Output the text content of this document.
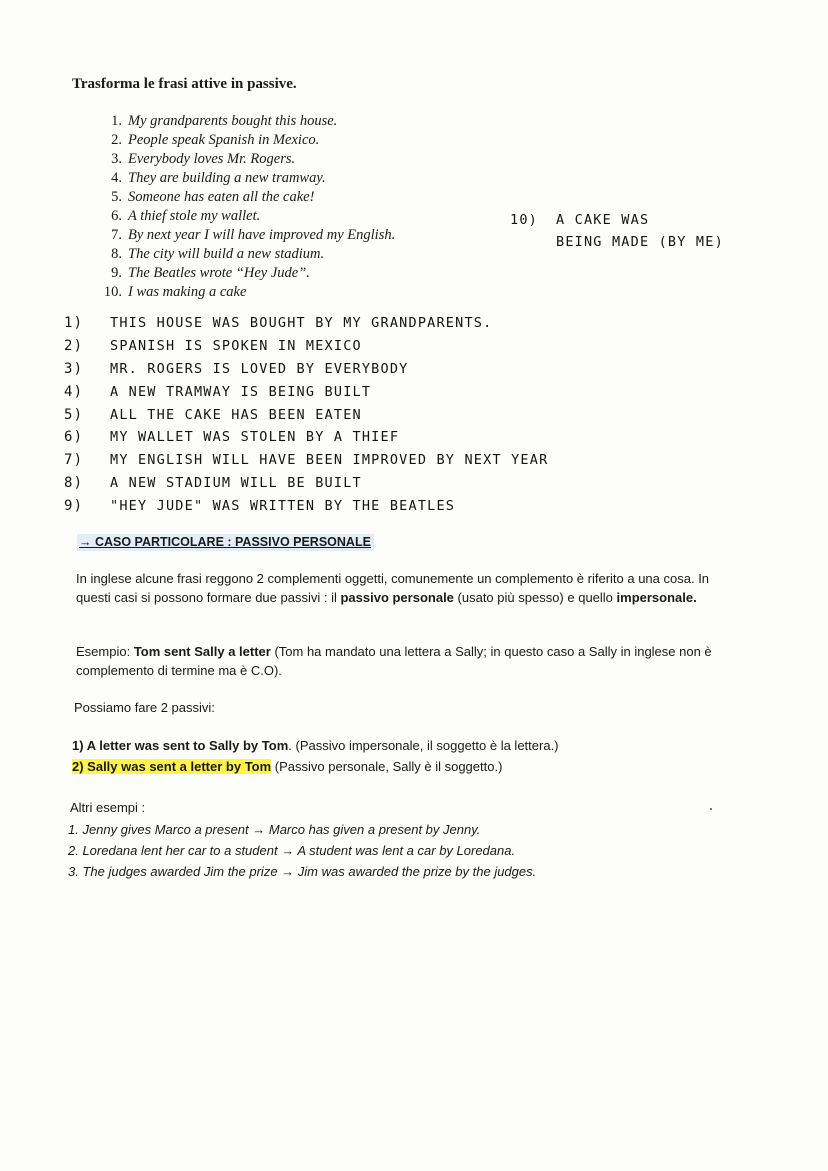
Trasforma le frasi attive in passive.
1. My grandparents bought this house.
2. People speak Spanish in Mexico.
3. Everybody loves Mr. Rogers.
4. They are building a new tramway.
5. Someone has eaten all the cake!
6. A thief stole my wallet.
7. By next year I will have improved my English.
8. The city will build a new stadium.
9. The Beatles wrote “Hey Jude”.
10. I was making a cake
10)	A CAKE WAS
BEING MADE (BY ME)
1)	THIS HOUSE WAS BOUGHT BY MY GRANDPARENTS.
2)	SPANISH IS SPOKEN IN MEXICO
3)	MR. ROGERS IS LOVED BY EVERYBODY
4)	A NEW TRAMWAY IS BEING BUILT
5)	ALL THE CAKE HAS BEEN EATEN
6)	MY WALLET WAS STOLEN BY A THIEF
7)	MY ENGLISH WILL HAVE BEEN IMPROVED BY NEXT YEAR
8)	A NEW STADIUM WILL BE BUILT
9)	"HEY JUDE" WAS WRITTEN BY THE BEATLES
→ CASO PARTICOLARE : PASSIVO PERSONALE
In inglese alcune frasi reggono 2 complementi oggetti, comunemente un complemento è riferito a una cosa. In questi casi si possono formare due passivi : il passivo personale (usato più spesso) e quello impersonale.
Esempio: Tom sent Sally a letter (Tom ha mandato una lettera a Sally; in questo caso a Sally in inglese non è complemento di termine ma è C.O).
Possiamo fare 2 passivi:
1) A letter was sent to Sally by Tom. (Passivo impersonale, il soggetto è la lettera.)
2) Sally was sent a letter by Tom (Passivo personale, Sally è il soggetto.)
Altri esempi :
1. Jenny gives Marco a present → Marco has given a present by Jenny.
2. Loredana lent her car to a student → A student was lent a car by Loredana.
3. The judges awarded Jim the prize → Jim was awarded the prize by the judges.
